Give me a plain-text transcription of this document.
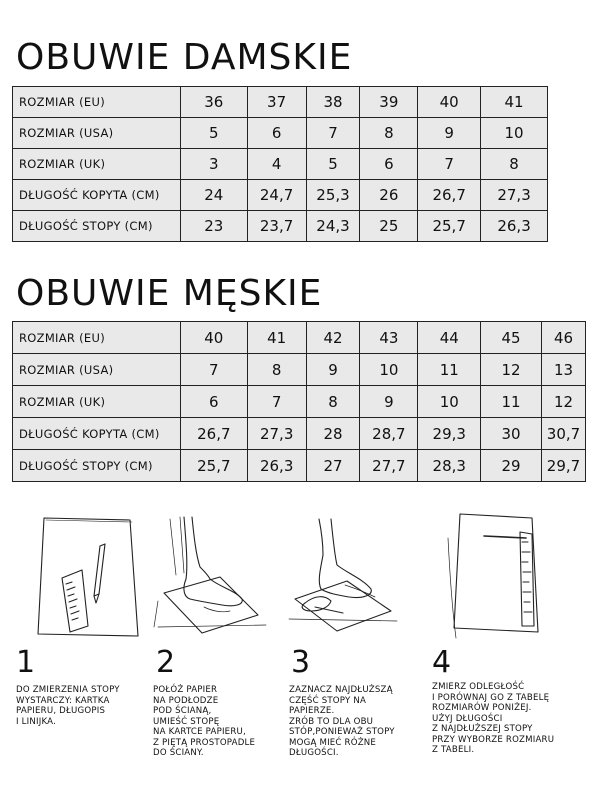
OBUWIE DAMSKIE
ROZMIAR (EU)	36	37	38	39	40	41
ROZMIAR (USA)	5	6	7	8	9	10
ROZMIAR (UK)	3	4	5	6	7	8
DŁUGOŚĆ KOPYTA (CM)	24	24,7	25,3	26	26,7	27,3
DŁUGOŚĆ STOPY (CM)	23	23,7	24,3	25	25,7	26,3
OBUWIE MĘSKIE
ROZMIAR (EU)	40	41	42	43	44	45	46
ROZMIAR (USA)	7	8	9	10	11	12	13
ROZMIAR (UK)	6	7	8	9	10	11	12
DŁUGOŚĆ KOPYTA (CM)	26,7	27,3	28	28,7	29,3	30	30,7
DŁUGOŚĆ STOPY (CM)	25,7	26,3	27	27,7	28,3	29	29,7
1

DO ZMIERZENIA STOPY
WYSTARCZY: KARTKA
PAPIERU, DŁUGOPIS
I LINIJKA.

2

POŁÓŻ PAPIER
NA PODŁODZE
POD ŚCIANĄ,
UMIEŚĆ STOPĘ
NA KARTCE PAPIERU,
Z PIĘTĄ PROSTOPADLE
DO ŚCIANY.

3

ZAZNACZ NAJDŁUŻSZĄ
CZĘŚĆ STOPY NA
PAPIERZE.
ZRÓB TO DLA OBU
STÓP,PONIEWAŻ STOPY
MOGĄ MIEĆ RÓŻNE
DŁUGOŚCI.

4

ZMIERZ ODLEGŁOŚĆ
I PORÓWNAJ GO Z TABELĘ
ROZMIARÓW PONIŻEJ.
UŻYJ DŁUGOŚCI
Z NAJDŁUŻSZEJ STOPY
PRZY WYBORZE ROZMIARU
Z TABELI.
